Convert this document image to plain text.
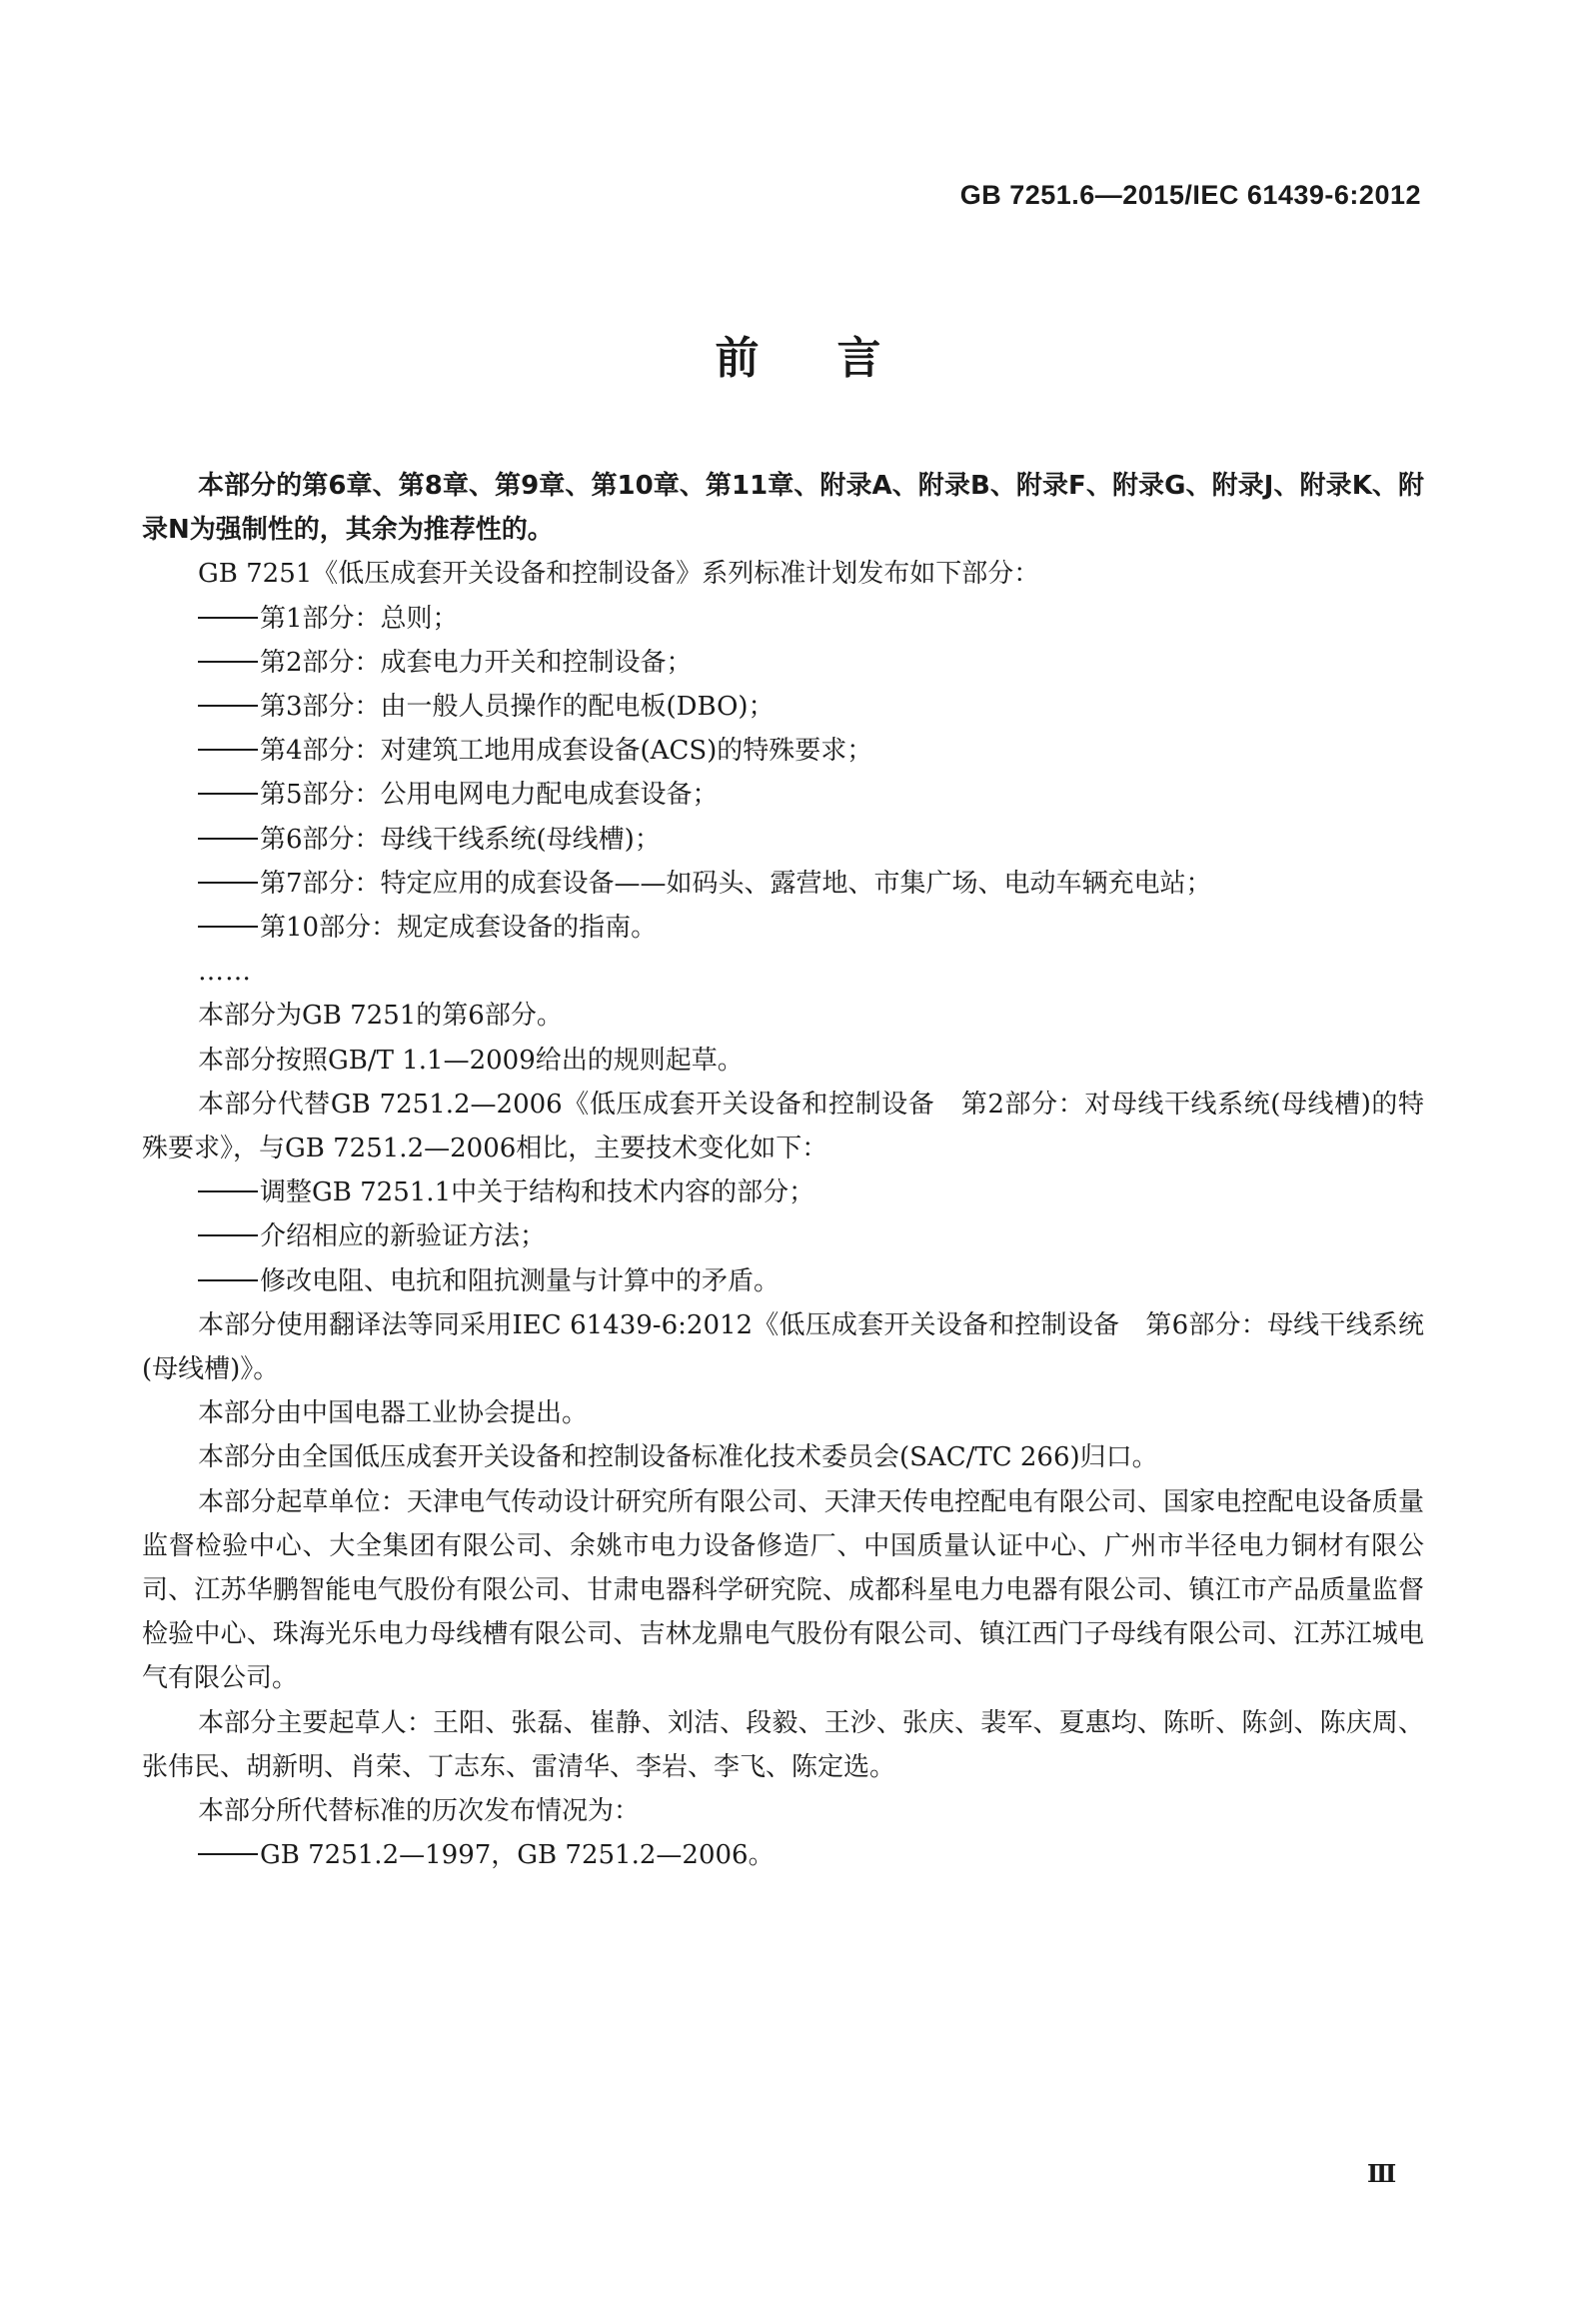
GB 7251.6—2015/IEC 61439-6:2012
前言

本部分的第6章、第8章、第9章、第10章、第11章、附录A、附录B、附录F、附录G、附录J、附录K、附录N为强制性的，其余为推荐性的。

GB 7251《低压成套开关设备和控制设备》系列标准计划发布如下部分：

第1部分：总则；

第2部分：成套电力开关和控制设备；

第3部分：由一般人员操作的配电板(DBO)；

第4部分：对建筑工地用成套设备(ACS)的特殊要求；

第5部分：公用电网电力配电成套设备；

第6部分：母线干线系统(母线槽)；

第7部分：特定应用的成套设备——如码头、露营地、市集广场、电动车辆充电站；

第10部分：规定成套设备的指南。

……

本部分为GB 7251的第6部分。

本部分按照GB/T 1.1—2009给出的规则起草。

本部分代替GB 7251.2—2006《低压成套开关设备和控制设备　第2部分：对母线干线系统(母线槽)的特殊要求》，与GB 7251.2—2006相比，主要技术变化如下：

调整GB 7251.1中关于结构和技术内容的部分；

介绍相应的新验证方法；

修改电阻、电抗和阻抗测量与计算中的矛盾。

本部分使用翻译法等同采用IEC 61439-6:2012《低压成套开关设备和控制设备　第6部分：母线干线系统(母线槽)》。

本部分由中国电器工业协会提出。

本部分由全国低压成套开关设备和控制设备标准化技术委员会(SAC/TC 266)归口。

本部分起草单位：天津电气传动设计研究所有限公司、天津天传电控配电有限公司、国家电控配电设备质量监督检验中心、大全集团有限公司、余姚市电力设备修造厂、中国质量认证中心、广州市半径电力铜材有限公司、江苏华鹏智能电气股份有限公司、甘肃电器科学研究院、成都科星电力电器有限公司、镇江市产品质量监督检验中心、珠海光乐电力母线槽有限公司、吉林龙鼎电气股份有限公司、镇江西门子母线有限公司、江苏江城电气有限公司。

本部分主要起草人：王阳、张磊、崔静、刘洁、段毅、王沙、张庆、裴军、夏惠均、陈昕、陈剑、陈庆周、张伟民、胡新明、肖荣、丁志东、雷清华、李岩、李飞、陈定选。

本部分所代替标准的历次发布情况为：

GB 7251.2—1997，GB 7251.2—2006。

Ⅲ
